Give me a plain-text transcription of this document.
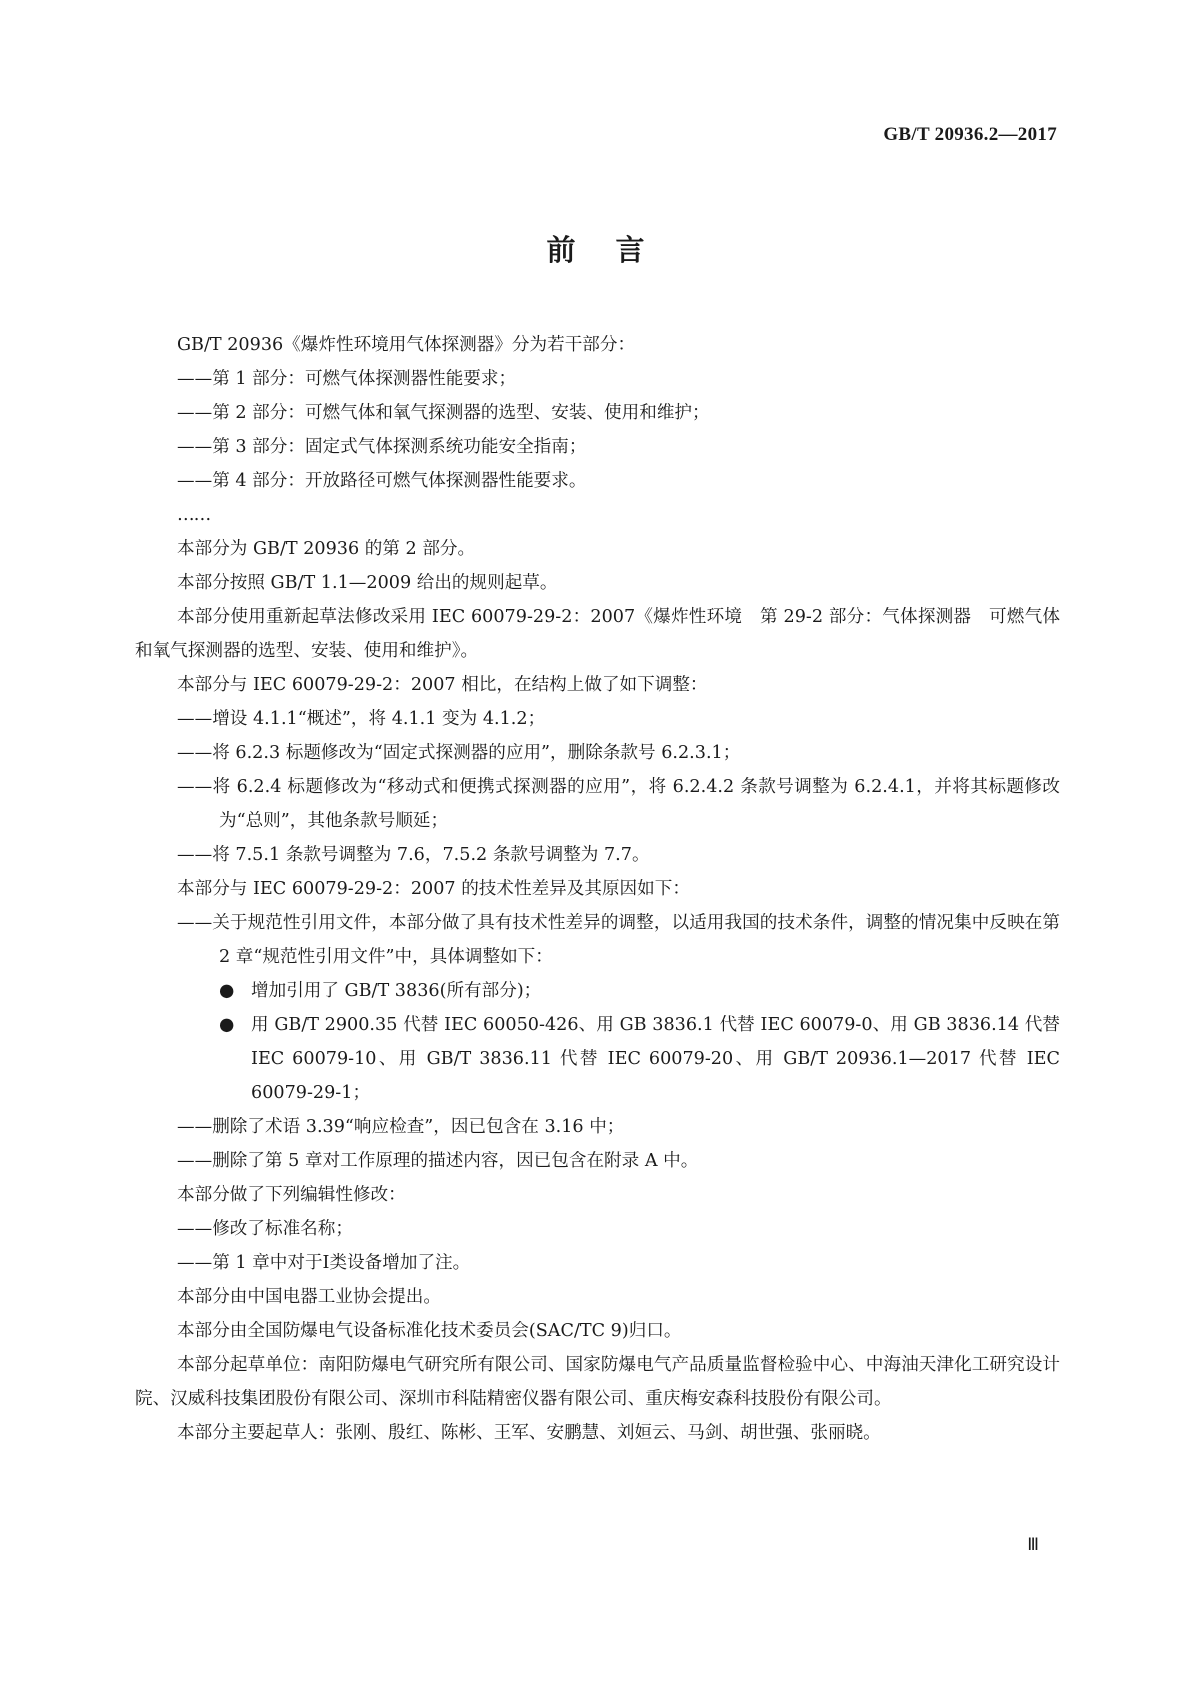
GB/T 20936.2—2017
前言
GB/T 20936《爆炸性环境用气体探测器》分为若干部分：
——第 1 部分：可燃气体探测器性能要求；
——第 2 部分：可燃气体和氧气探测器的选型、安装、使用和维护；
——第 3 部分：固定式气体探测系统功能安全指南；
——第 4 部分：开放路径可燃气体探测器性能要求。
……
本部分为 GB/T 20936 的第 2 部分。
本部分按照 GB/T 1.1—2009 给出的规则起草。
本部分使用重新起草法修改采用 IEC 60079-29-2：2007《爆炸性环境　第 29-2 部分：气体探测器　可燃气体和氧气探测器的选型、安装、使用和维护》。
本部分与 IEC 60079-29-2：2007 相比，在结构上做了如下调整：
——增设 4.1.1“概述”，将 4.1.1 变为 4.1.2；
——将 6.2.3 标题修改为“固定式探测器的应用”，删除条款号 6.2.3.1；
——将 6.2.4 标题修改为“移动式和便携式探测器的应用”，将 6.2.4.2 条款号调整为 6.2.4.1，并将其标题修改为“总则”，其他条款号顺延；
——将 7.5.1 条款号调整为 7.6，7.5.2 条款号调整为 7.7。
本部分与 IEC 60079-29-2：2007 的技术性差异及其原因如下：
——关于规范性引用文件，本部分做了具有技术性差异的调整，以适用我国的技术条件，调整的情况集中反映在第 2 章“规范性引用文件”中，具体调整如下：
● 增加引用了 GB/T 3836(所有部分)；
● 用 GB/T 2900.35 代替 IEC 60050-426、用 GB 3836.1 代替 IEC 60079-0、用 GB 3836.14 代替 IEC 60079-10、用 GB/T 3836.11 代替 IEC 60079-20、用 GB/T 20936.1—2017 代替 IEC 60079-29-1；
——删除了术语 3.39“响应检查”，因已包含在 3.16 中；
——删除了第 5 章对工作原理的描述内容，因已包含在附录 A 中。
本部分做了下列编辑性修改：
——修改了标准名称；
——第 1 章中对于Ⅰ类设备增加了注。
本部分由中国电器工业协会提出。
本部分由全国防爆电气设备标准化技术委员会(SAC/TC 9)归口。
本部分起草单位：南阳防爆电气研究所有限公司、国家防爆电气产品质量监督检验中心、中海油天津化工研究设计院、汉威科技集团股份有限公司、深圳市科陆精密仪器有限公司、重庆梅安森科技股份有限公司。
本部分主要起草人：张刚、殷红、陈彬、王军、安鹏慧、刘姮云、马剑、胡世强、张丽晓。
Ⅲ
